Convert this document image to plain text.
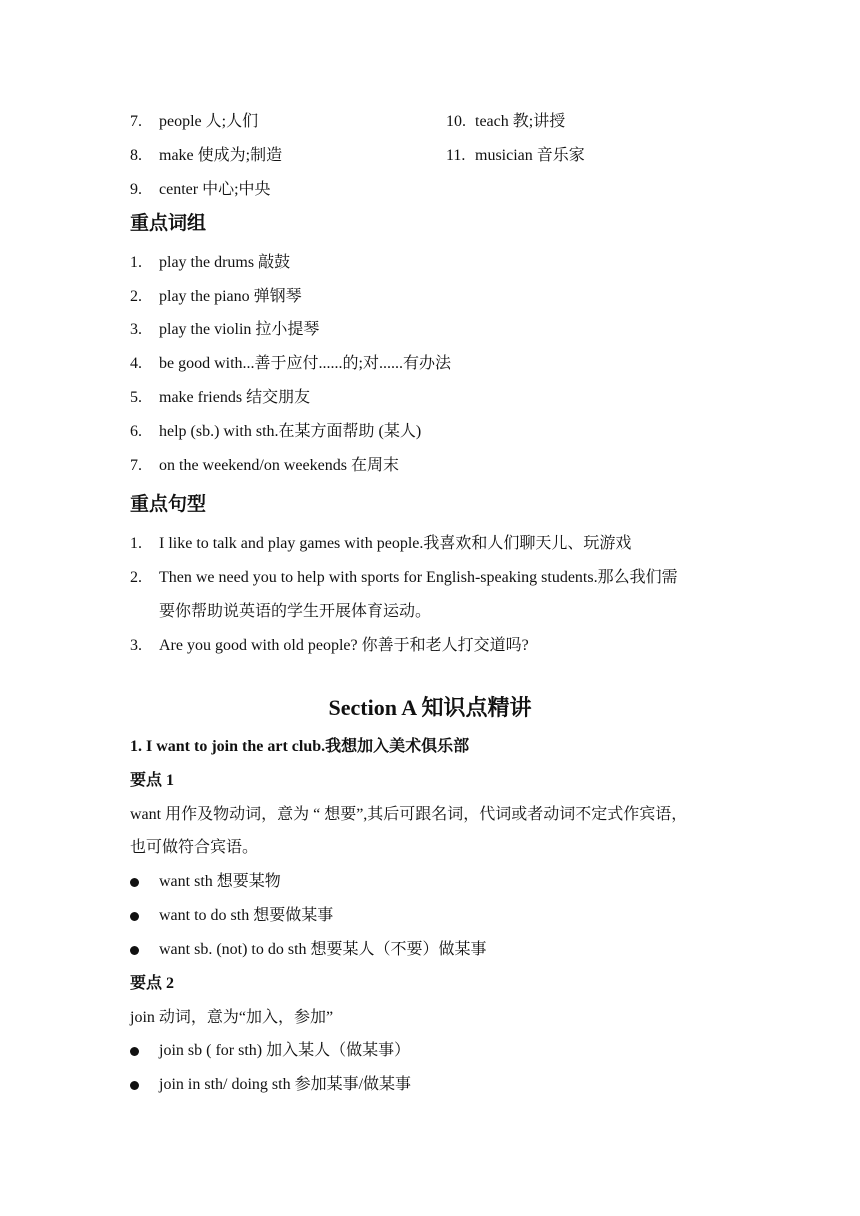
7. people 人;人们
8. make 使成为;制造
9. center 中心;中央
10. teach 教;讲授
11. musician 音乐家
重点词组
1. play the drums 敲鼓
2. play the piano 弹钢琴
3. play the violin 拉小提琴
4. be good with...善于应付......的;对......有办法
5. make friends 结交朋友
6. help (sb.) with sth.在某方面帮助 (某人)
7. on the weekend/on weekends 在周末
重点句型
1. I like to talk and play games with people.我喜欢和人们聊天儿、玩游戏
2. Then we need you to help with sports for English-speaking students.那么我们需
要你帮助说英语的学生开展体育运动。
3. Are you good with old people? 你善于和老人打交道吗?
Section A 知识点精讲
1. I want to join the art club.我想加入美术俱乐部
要点 1
want 用作及物动词，意为 “ 想要”,其后可跟名词，代词或者动词不定式作宾语，
也可做符合宾语。
want sth 想要某物
want to do sth 想要做某事
want sb. (not) to do sth 想要某人（不要）做某事
要点 2
join 动词，意为“加入，参加”
join sb ( for sth) 加入某人（做某事）
join in sth/ doing sth 参加某事/做某事
